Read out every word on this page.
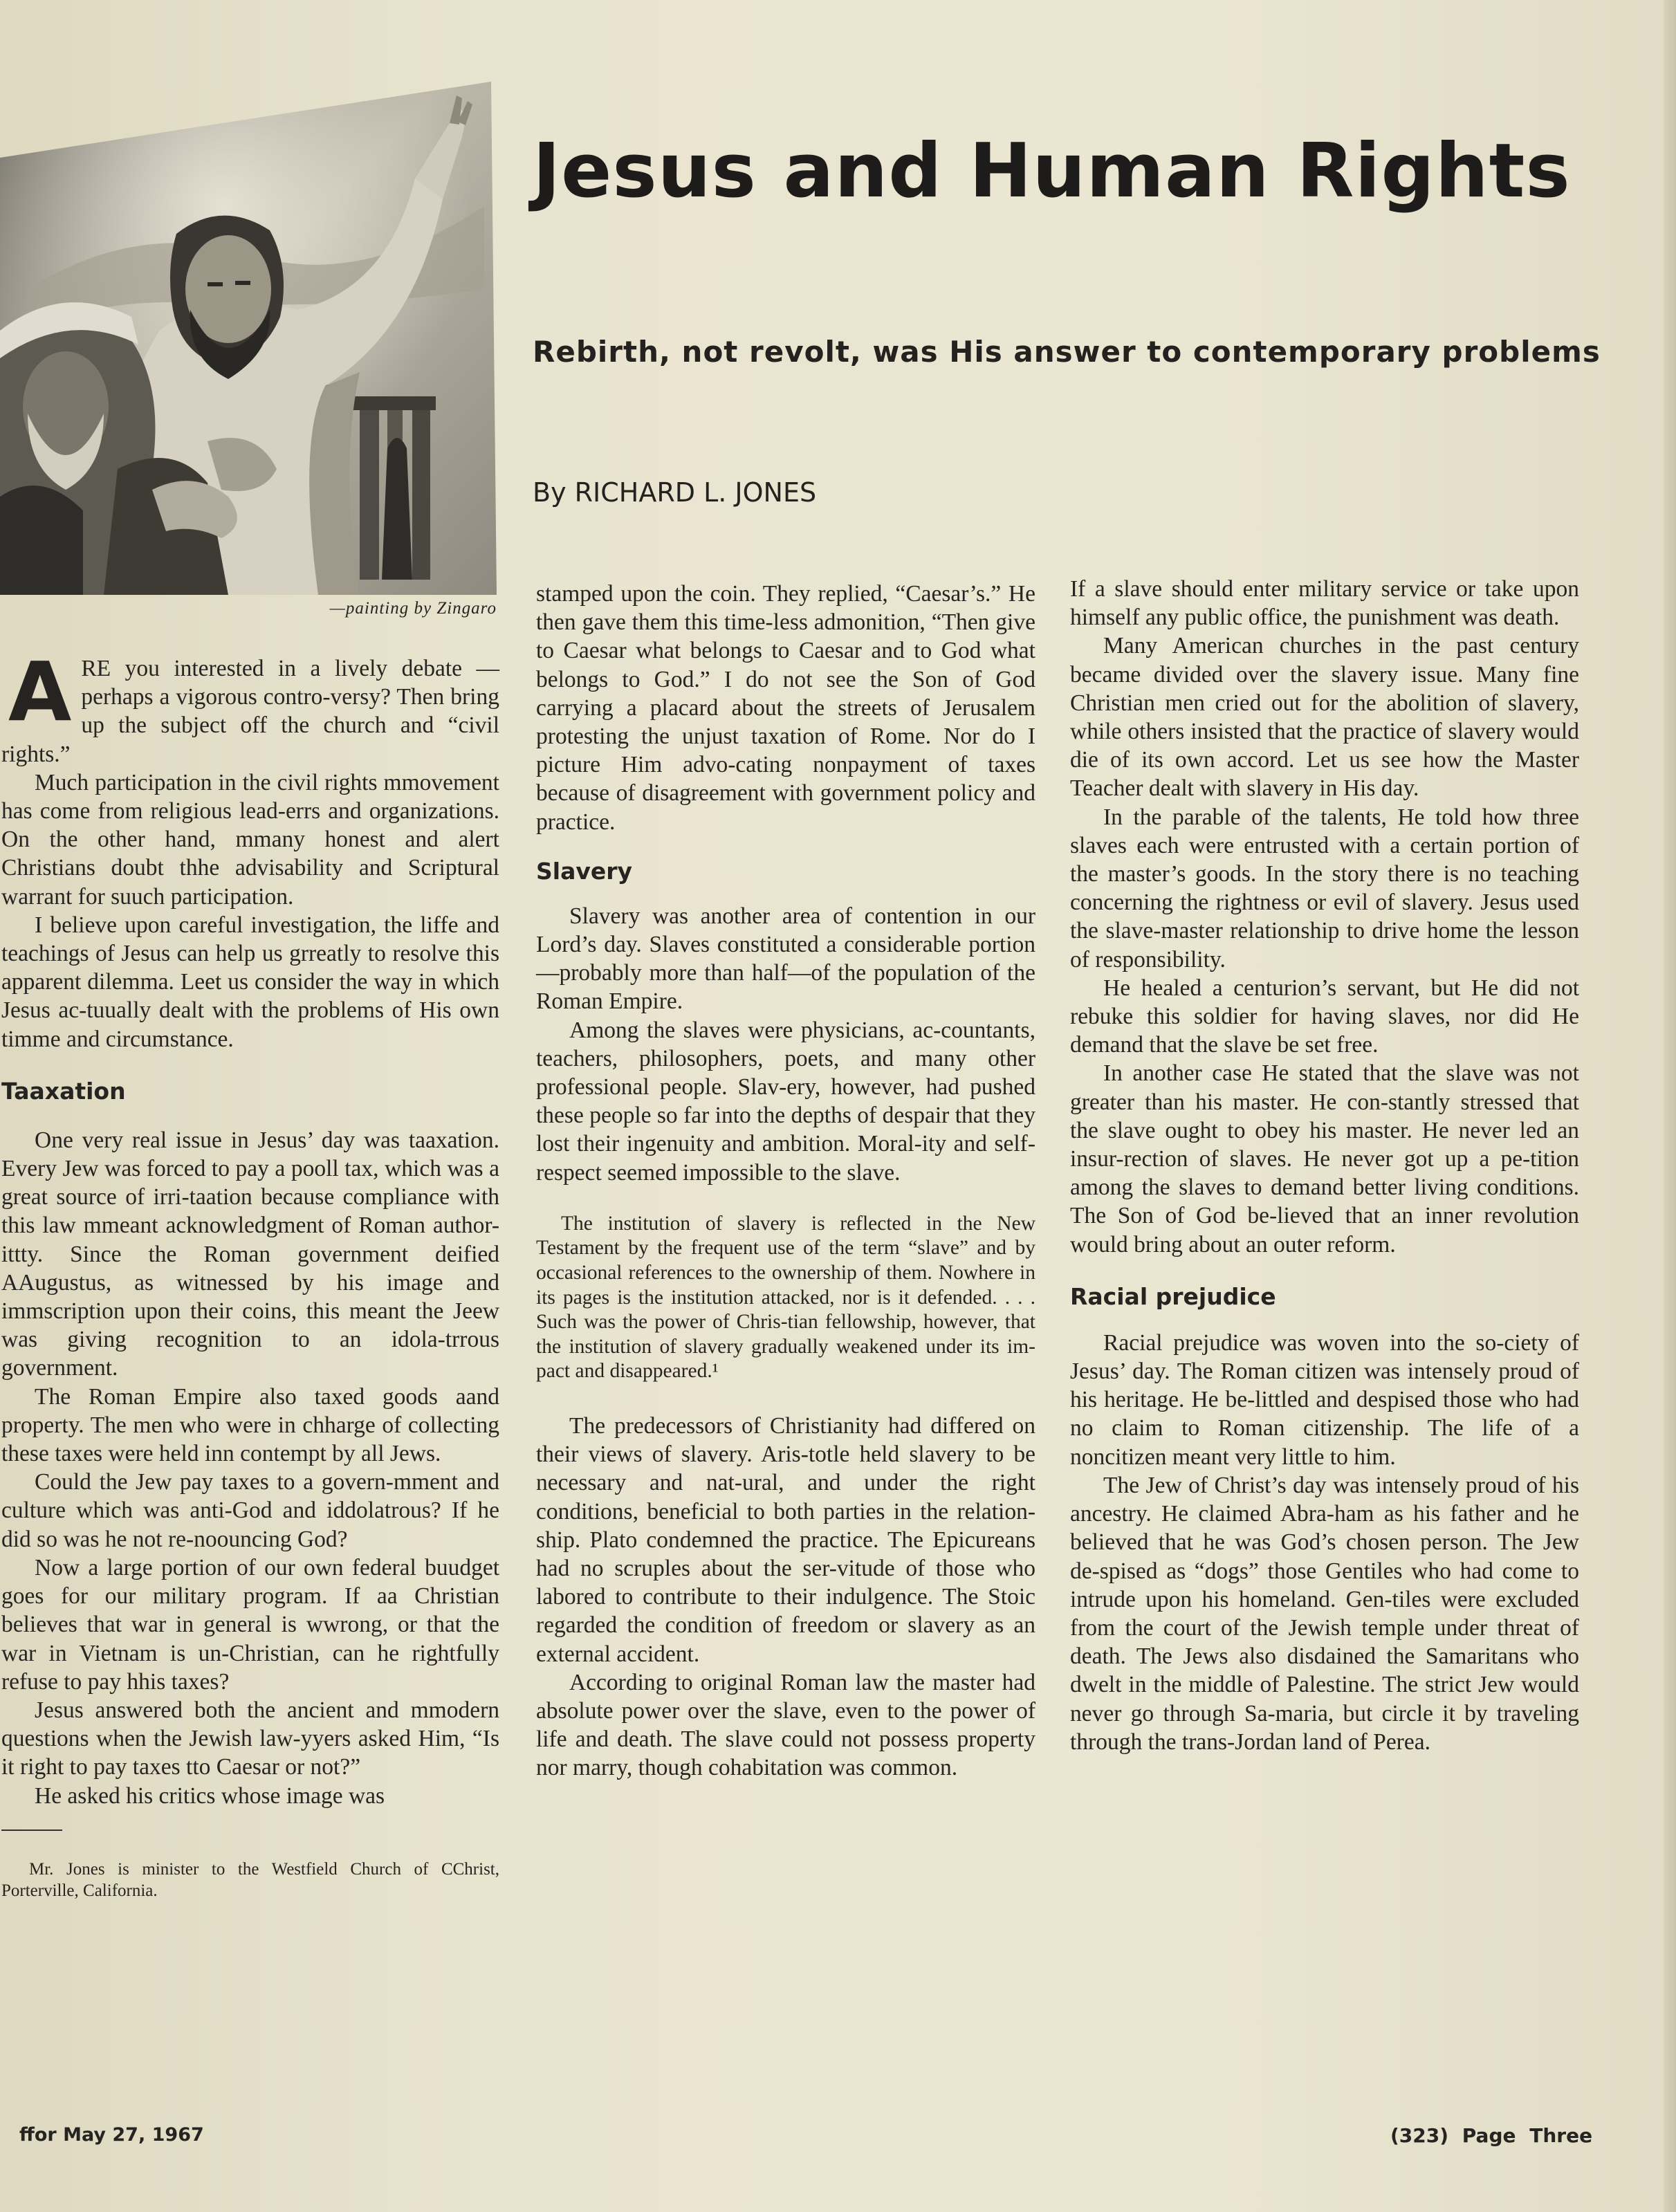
—painting by Zingaro
Jesus and Human Rights
Rebirth, not revolt, was His answer to contemporary problems
By RICHARD L. JONES

ARE you interested in a lively debate —perhaps a vigorous contro-versy? Then bring up the subject off the church and “civil rights.”

Much participation in the civil rights mmovement has come from religious lead-errs and organizations. On the other hand, mmany honest and alert Christians doubt thhe advisability and Scriptural warrant for suuch participation.

I believe upon careful investigation, the liffe and teachings of Jesus can help us grreatly to resolve this apparent dilemma. Leet us consider the way in which Jesus ac-tuually dealt with the problems of His own timme and circumstance.

Taaxation

One very real issue in Jesus’ day was taaxation. Every Jew was forced to pay a pooll tax, which was a great source of irri-taation because compliance with this law mmeant acknowledgment of Roman author-ittty. Since the Roman government deified AAugustus, as witnessed by his image and immscription upon their coins, this meant the Jeew was giving recognition to an idola-trrous government.

The Roman Empire also taxed goods aand property. The men who were in chharge of collecting these taxes were held inn contempt by all Jews.

Could the Jew pay taxes to a govern-mment and culture which was anti-God and iddolatrous? If he did so was he not re-noouncing God?

Now a large portion of our own federal buudget goes for our military program. If aa Christian believes that war in general is wwrong, or that the war in Vietnam is un-Christian, can he rightfully refuse to pay hhis taxes?

Jesus answered both the ancient and mmodern questions when the Jewish law-yyers asked Him, “Is it right to pay taxes tto Caesar or not?”

He asked his critics whose image was

Mr. Jones is minister to the Westfield Church of CChrist, Porterville, California.

stamped upon the coin. They replied, “Caesar’s.” He then gave them this time-less admonition, “Then give to Caesar what belongs to Caesar and to God what belongs to God.” I do not see the Son of God carrying a placard about the streets of Jerusalem protesting the unjust taxation of Rome. Nor do I picture Him advo-cating nonpayment of taxes because of disagreement with government policy and practice.

Slavery

Slavery was another area of contention in our Lord’s day. Slaves constituted a considerable portion—probably more than half—of the population of the Roman Empire.

Among the slaves were physicians, ac-countants, teachers, philosophers, poets, and many other professional people. Slav-ery, however, had pushed these people so far into the depths of despair that they lost their ingenuity and ambition. Moral-ity and self-respect seemed impossible to the slave.

The institution of slavery is reflected in the New Testament by the frequent use of the term “slave” and by occasional references to the ownership of them. Nowhere in its pages is the institution attacked, nor is it defended. . . . Such was the power of Chris-tian fellowship, however, that the institution of slavery gradually weakened under its im-pact and disappeared.¹

The predecessors of Christianity had differed on their views of slavery. Aris-totle held slavery to be necessary and nat-ural, and under the right conditions, beneficial to both parties in the relation-ship. Plato condemned the practice. The Epicureans had no scruples about the ser-vitude of those who labored to contribute to their indulgence. The Stoic regarded the condition of freedom or slavery as an external accident.

According to original Roman law the master had absolute power over the slave, even to the power of life and death. The slave could not possess property nor marry, though cohabitation was common.

If a slave should enter military service or take upon himself any public office, the punishment was death.

Many American churches in the past century became divided over the slavery issue. Many fine Christian men cried out for the abolition of slavery, while others insisted that the practice of slavery would die of its own accord. Let us see how the Master Teacher dealt with slavery in His day.

In the parable of the talents, He told how three slaves each were entrusted with a certain portion of the master’s goods. In the story there is no teaching concerning the rightness or evil of slavery. Jesus used the slave-master relationship to drive home the lesson of responsibility.

He healed a centurion’s servant, but He did not rebuke this soldier for having slaves, nor did He demand that the slave be set free.

In another case He stated that the slave was not greater than his master. He con-stantly stressed that the slave ought to obey his master. He never led an insur-rection of slaves. He never got up a pe-tition among the slaves to demand better living conditions. The Son of God be-lieved that an inner revolution would bring about an outer reform.

Racial prejudice

Racial prejudice was woven into the so-ciety of Jesus’ day. The Roman citizen was intensely proud of his heritage. He be-littled and despised those who had no claim to Roman citizenship. The life of a noncitizen meant very little to him.

The Jew of Christ’s day was intensely proud of his ancestry. He claimed Abra-ham as his father and he believed that he was God’s chosen person. The Jew de-spised as “dogs” those Gentiles who had come to intrude upon his homeland. Gen-tiles were excluded from the court of the Jewish temple under threat of death. The Jews also disdained the Samaritans who dwelt in the middle of Palestine. The strict Jew would never go through Sa-maria, but circle it by traveling through the trans-Jordan land of Perea.

ffor May 27, 1967	(323) Page Three
